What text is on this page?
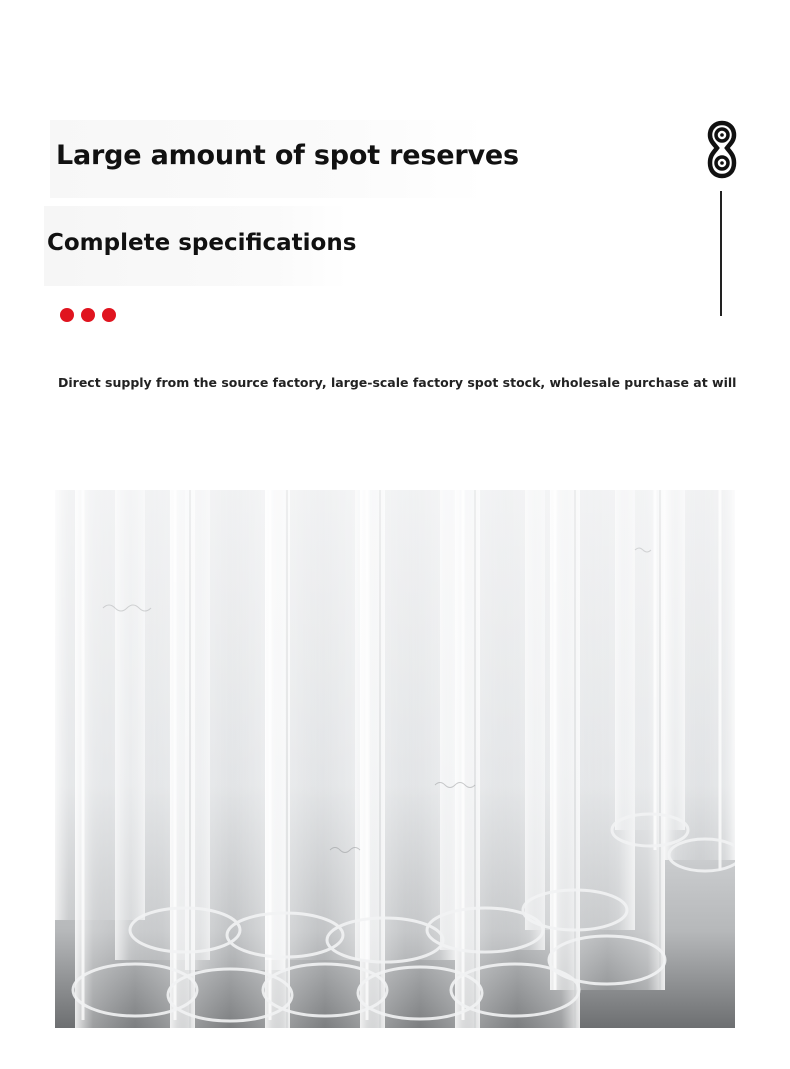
Large amount of spot reserves
Complete specifications
Direct supply from the source factory, large-scale factory spot stock, wholesale purchase at will
